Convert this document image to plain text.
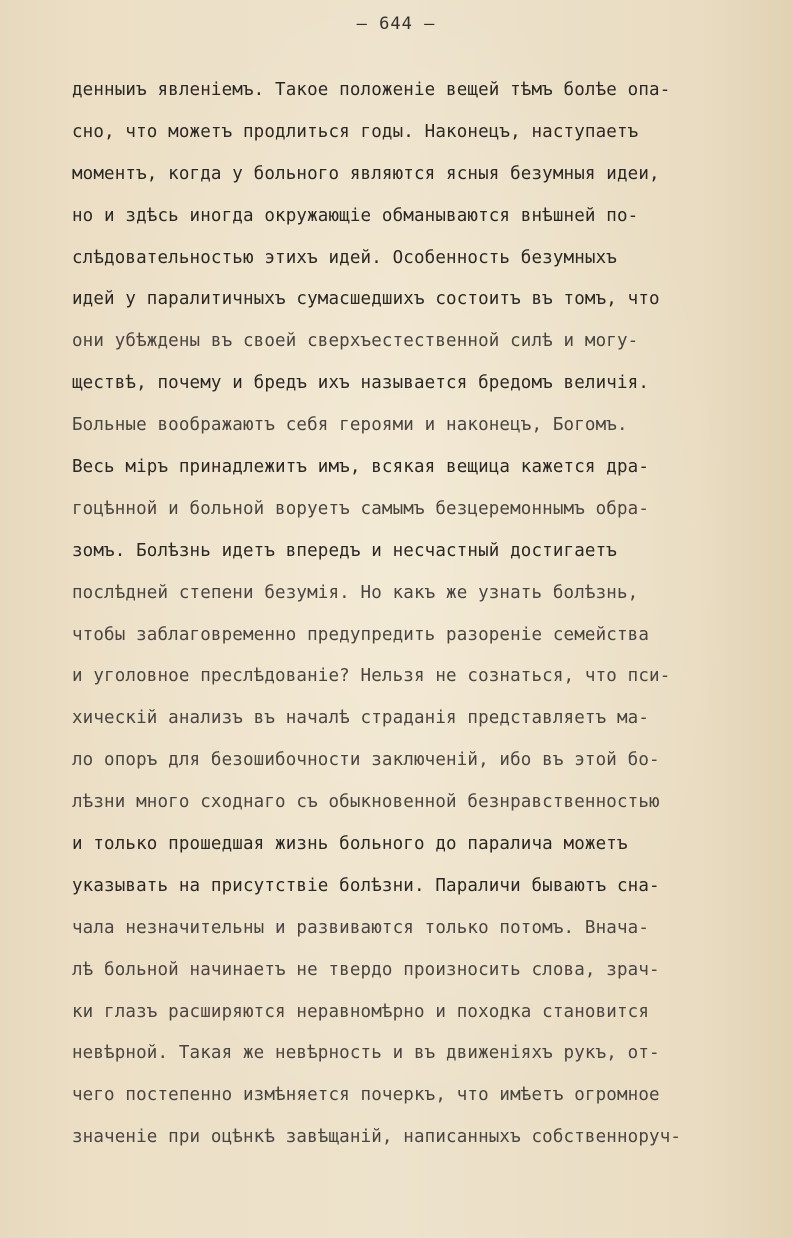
– 644 –
денныиъ явленіемъ. Такое положеніе вещей тѣмъ болѣе опа-
сно, что можетъ продлиться годы. Наконецъ, наступаетъ
моментъ, когда у больного являются ясныя безумныя идеи,
но и здѣсь иногда окружающіе обманываются внѣшней по-
слѣдовательностью этихъ идей. Особенность безумныхъ
идей у паралитичныхъ сумасшедшихъ состоитъ въ томъ, что
они убѣждены въ своей сверхъестественной силѣ и могу-
ществѣ, почему и бредъ ихъ называется бредомъ величія.
Больные воображаютъ себя героями и наконецъ, Богомъ.
Весь міръ принадлежитъ имъ, всякая вещица кажется дра-
гоцѣнной и больной воруетъ самымъ безцеремоннымъ обра-
зомъ. Болѣзнь идетъ впередъ и несчастный достигаетъ
послѣдней степени безумія. Но какъ же узнать болѣзнь,
чтобы заблаговременно предупредить разореніе семейства
и уголовное преслѣдованіе? Нельзя не сознаться, что пси-
хическій анализъ въ началѣ страданія представляетъ ма-
ло опоръ для безошибочности заключеній, ибо въ этой бо-
лѣзни много сходнаго съ обыкновенной безнравственностью
и только прошедшая жизнь больного до паралича можетъ
указывать на присутствіе болѣзни. Параличи бываютъ сна-
чала незначительны и развиваются только потомъ. Внача-
лѣ больной начинаетъ не твердо произносить слова, зрач-
ки глазъ расширяются неравномѣрно и походка становится
невѣрной. Такая же невѣрность и въ движеніяхъ рукъ, от-
чего постепенно измѣняется почеркъ, что имѣетъ огромное
значеніе при оцѣнкѣ завѣщаній, написанныхъ собственноруч-
